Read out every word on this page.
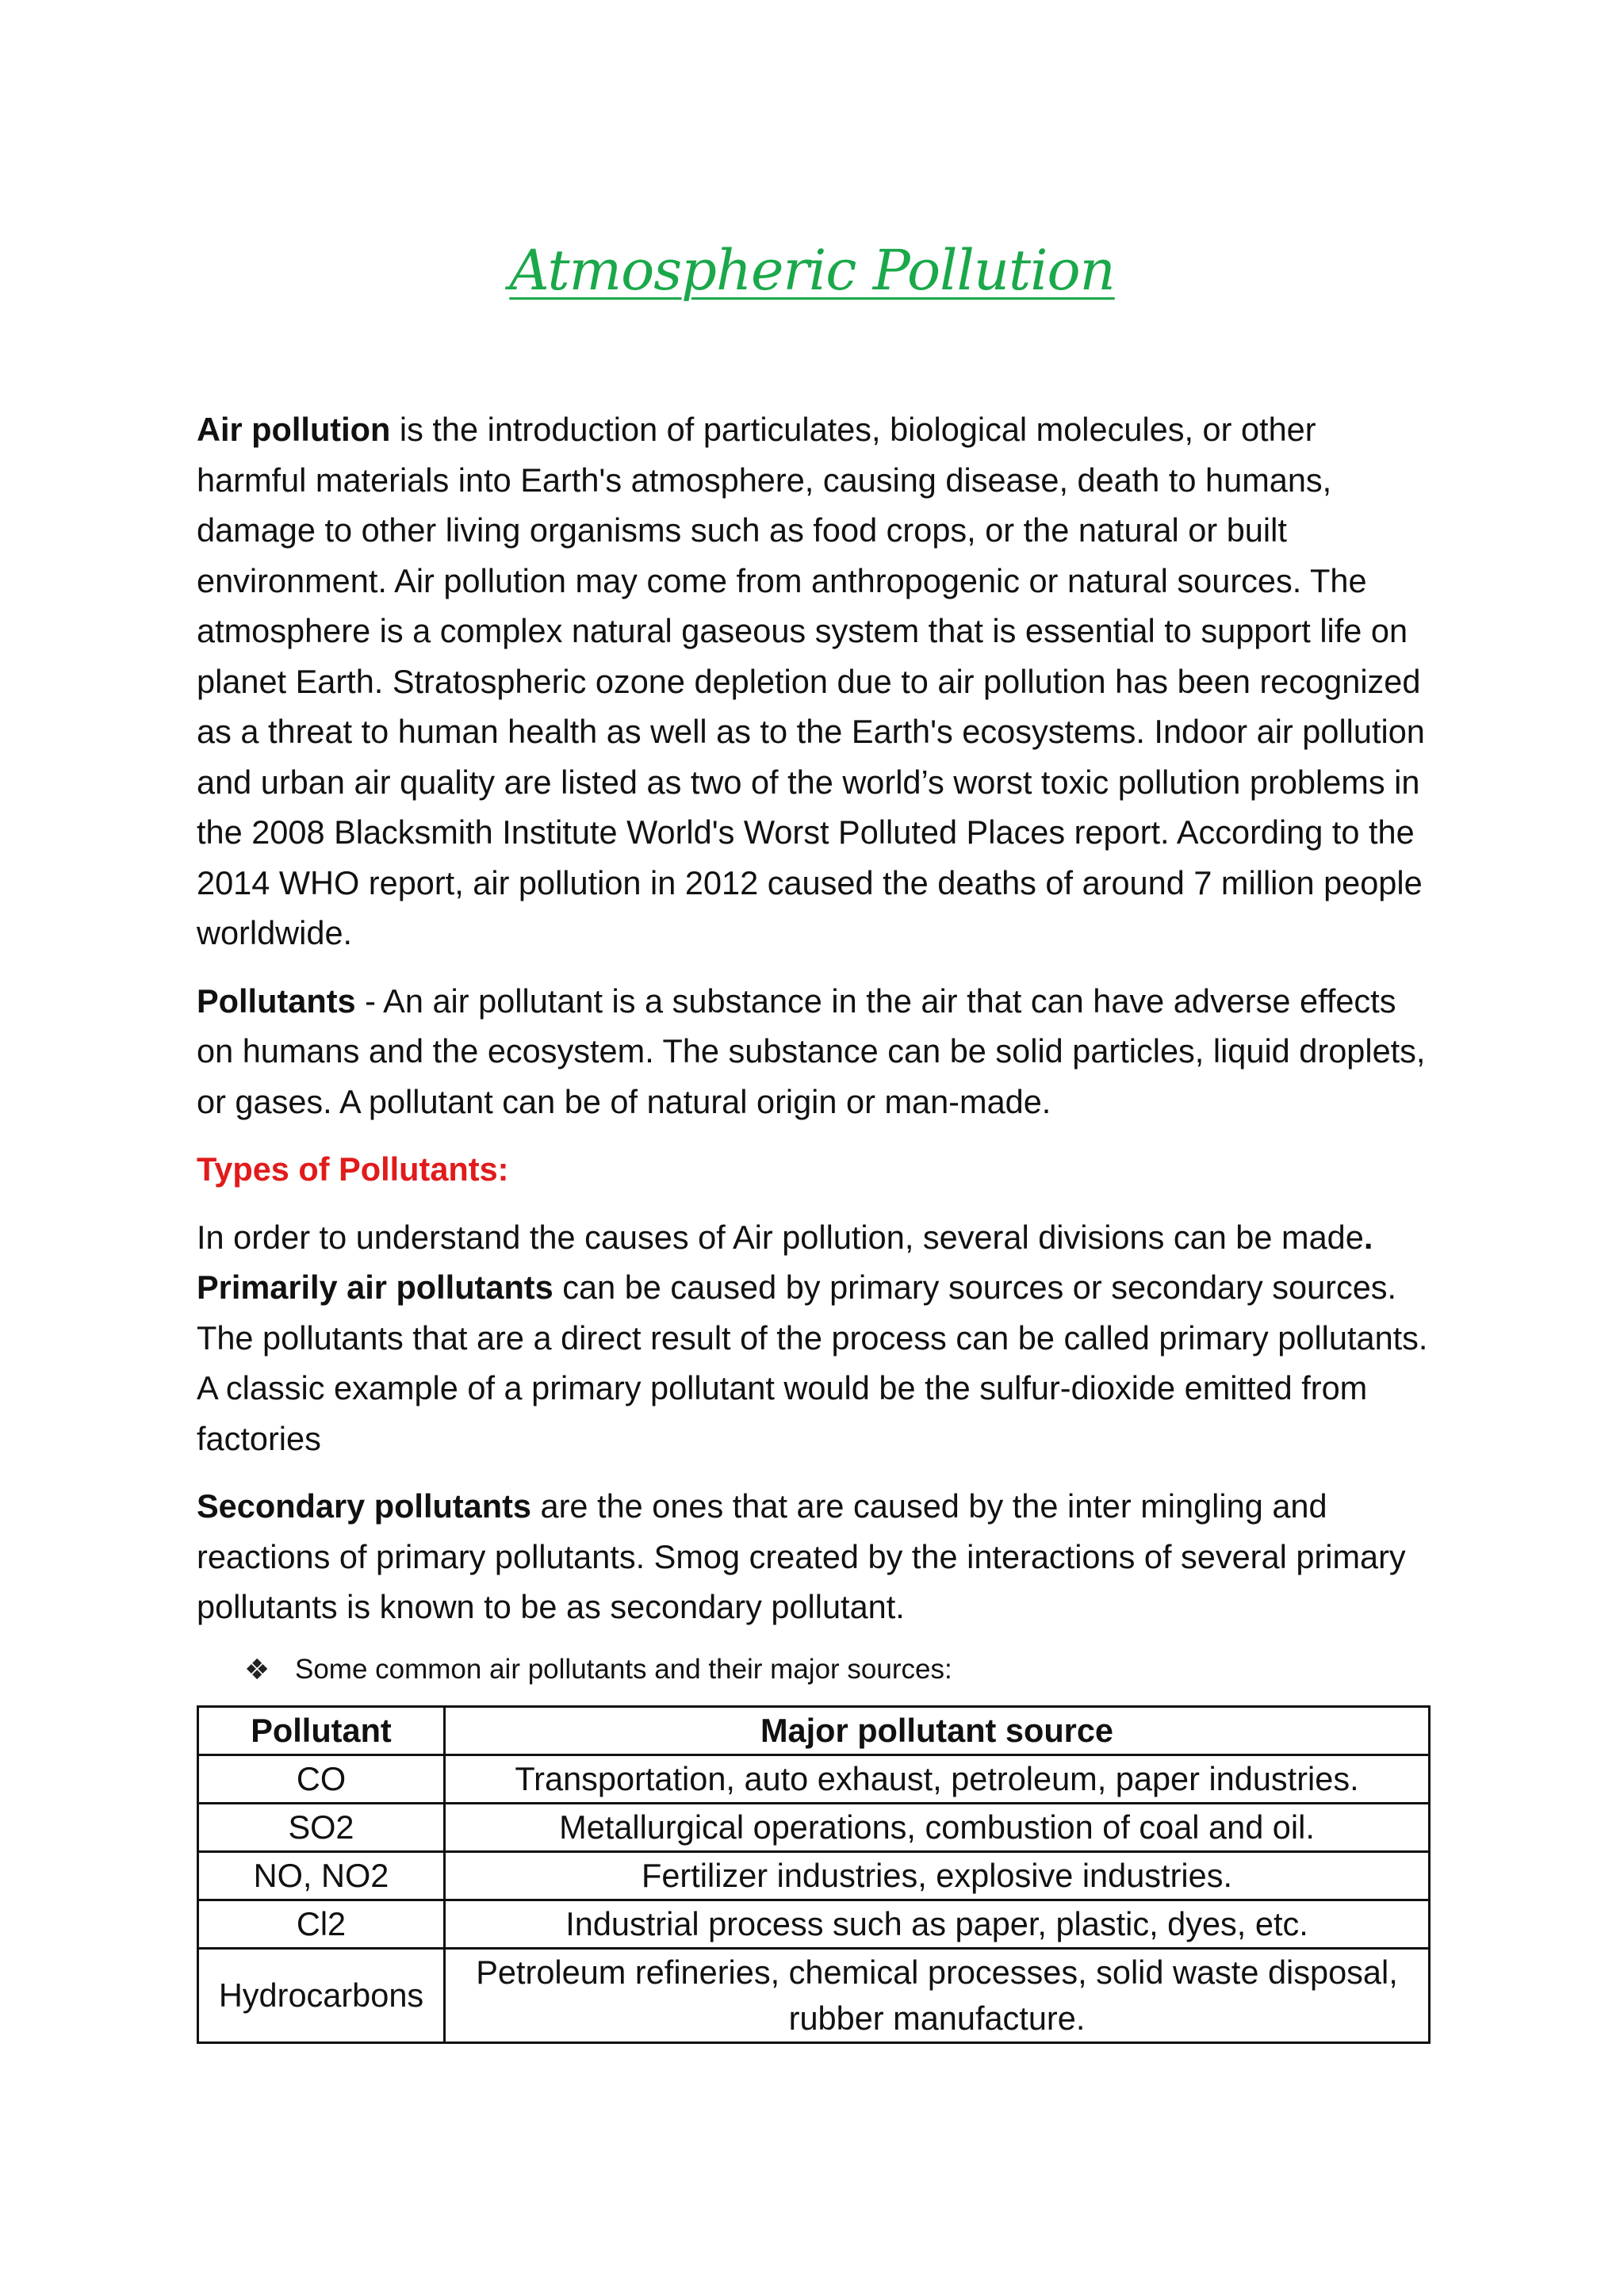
Atmospheric Pollution

Air pollution is the introduction of particulates, biological molecules, or other harmful materials into Earth's atmosphere, causing disease, death to humans, damage to other living organisms such as food crops, or the natural or built environment. Air pollution may come from anthropogenic or natural sources. The atmosphere is a complex natural gaseous system that is essential to support life on planet Earth. Stratospheric ozone depletion due to air pollution has been recognized as a threat to human health as well as to the Earth's ecosystems. Indoor air pollution and urban air quality are listed as two of the world’s worst toxic pollution problems in the 2008 Blacksmith Institute World's Worst Polluted Places report. According to the 2014 WHO report, air pollution in 2012 caused the deaths of around 7 million people worldwide.

Pollutants - An air pollutant is a substance in the air that can have adverse effects on humans and the ecosystem. The substance can be solid particles, liquid droplets, or gases. A pollutant can be of natural origin or man-made.

Types of Pollutants:

In order to understand the causes of Air pollution, several divisions can be made. Primarily air pollutants can be caused by primary sources or secondary sources. The pollutants that are a direct result of the process can be called primary pollutants. A classic example of a primary pollutant would be the sulfur-dioxide emitted from factories

Secondary pollutants are the ones that are caused by the inter mingling and reactions of primary pollutants. Smog created by the interactions of several primary pollutants is known to be as secondary pollutant.

❖ Some common air pollutants and their major sources:
Pollutant	Major pollutant source
CO	Transportation, auto exhaust, petroleum, paper industries.
SO2	Metallurgical operations, combustion of coal and oil.
NO, NO2	Fertilizer industries, explosive industries.
Cl2	Industrial process such as paper, plastic, dyes, etc.
Hydrocarbons	Petroleum refineries, chemical processes, solid waste disposal, rubber manufacture.
